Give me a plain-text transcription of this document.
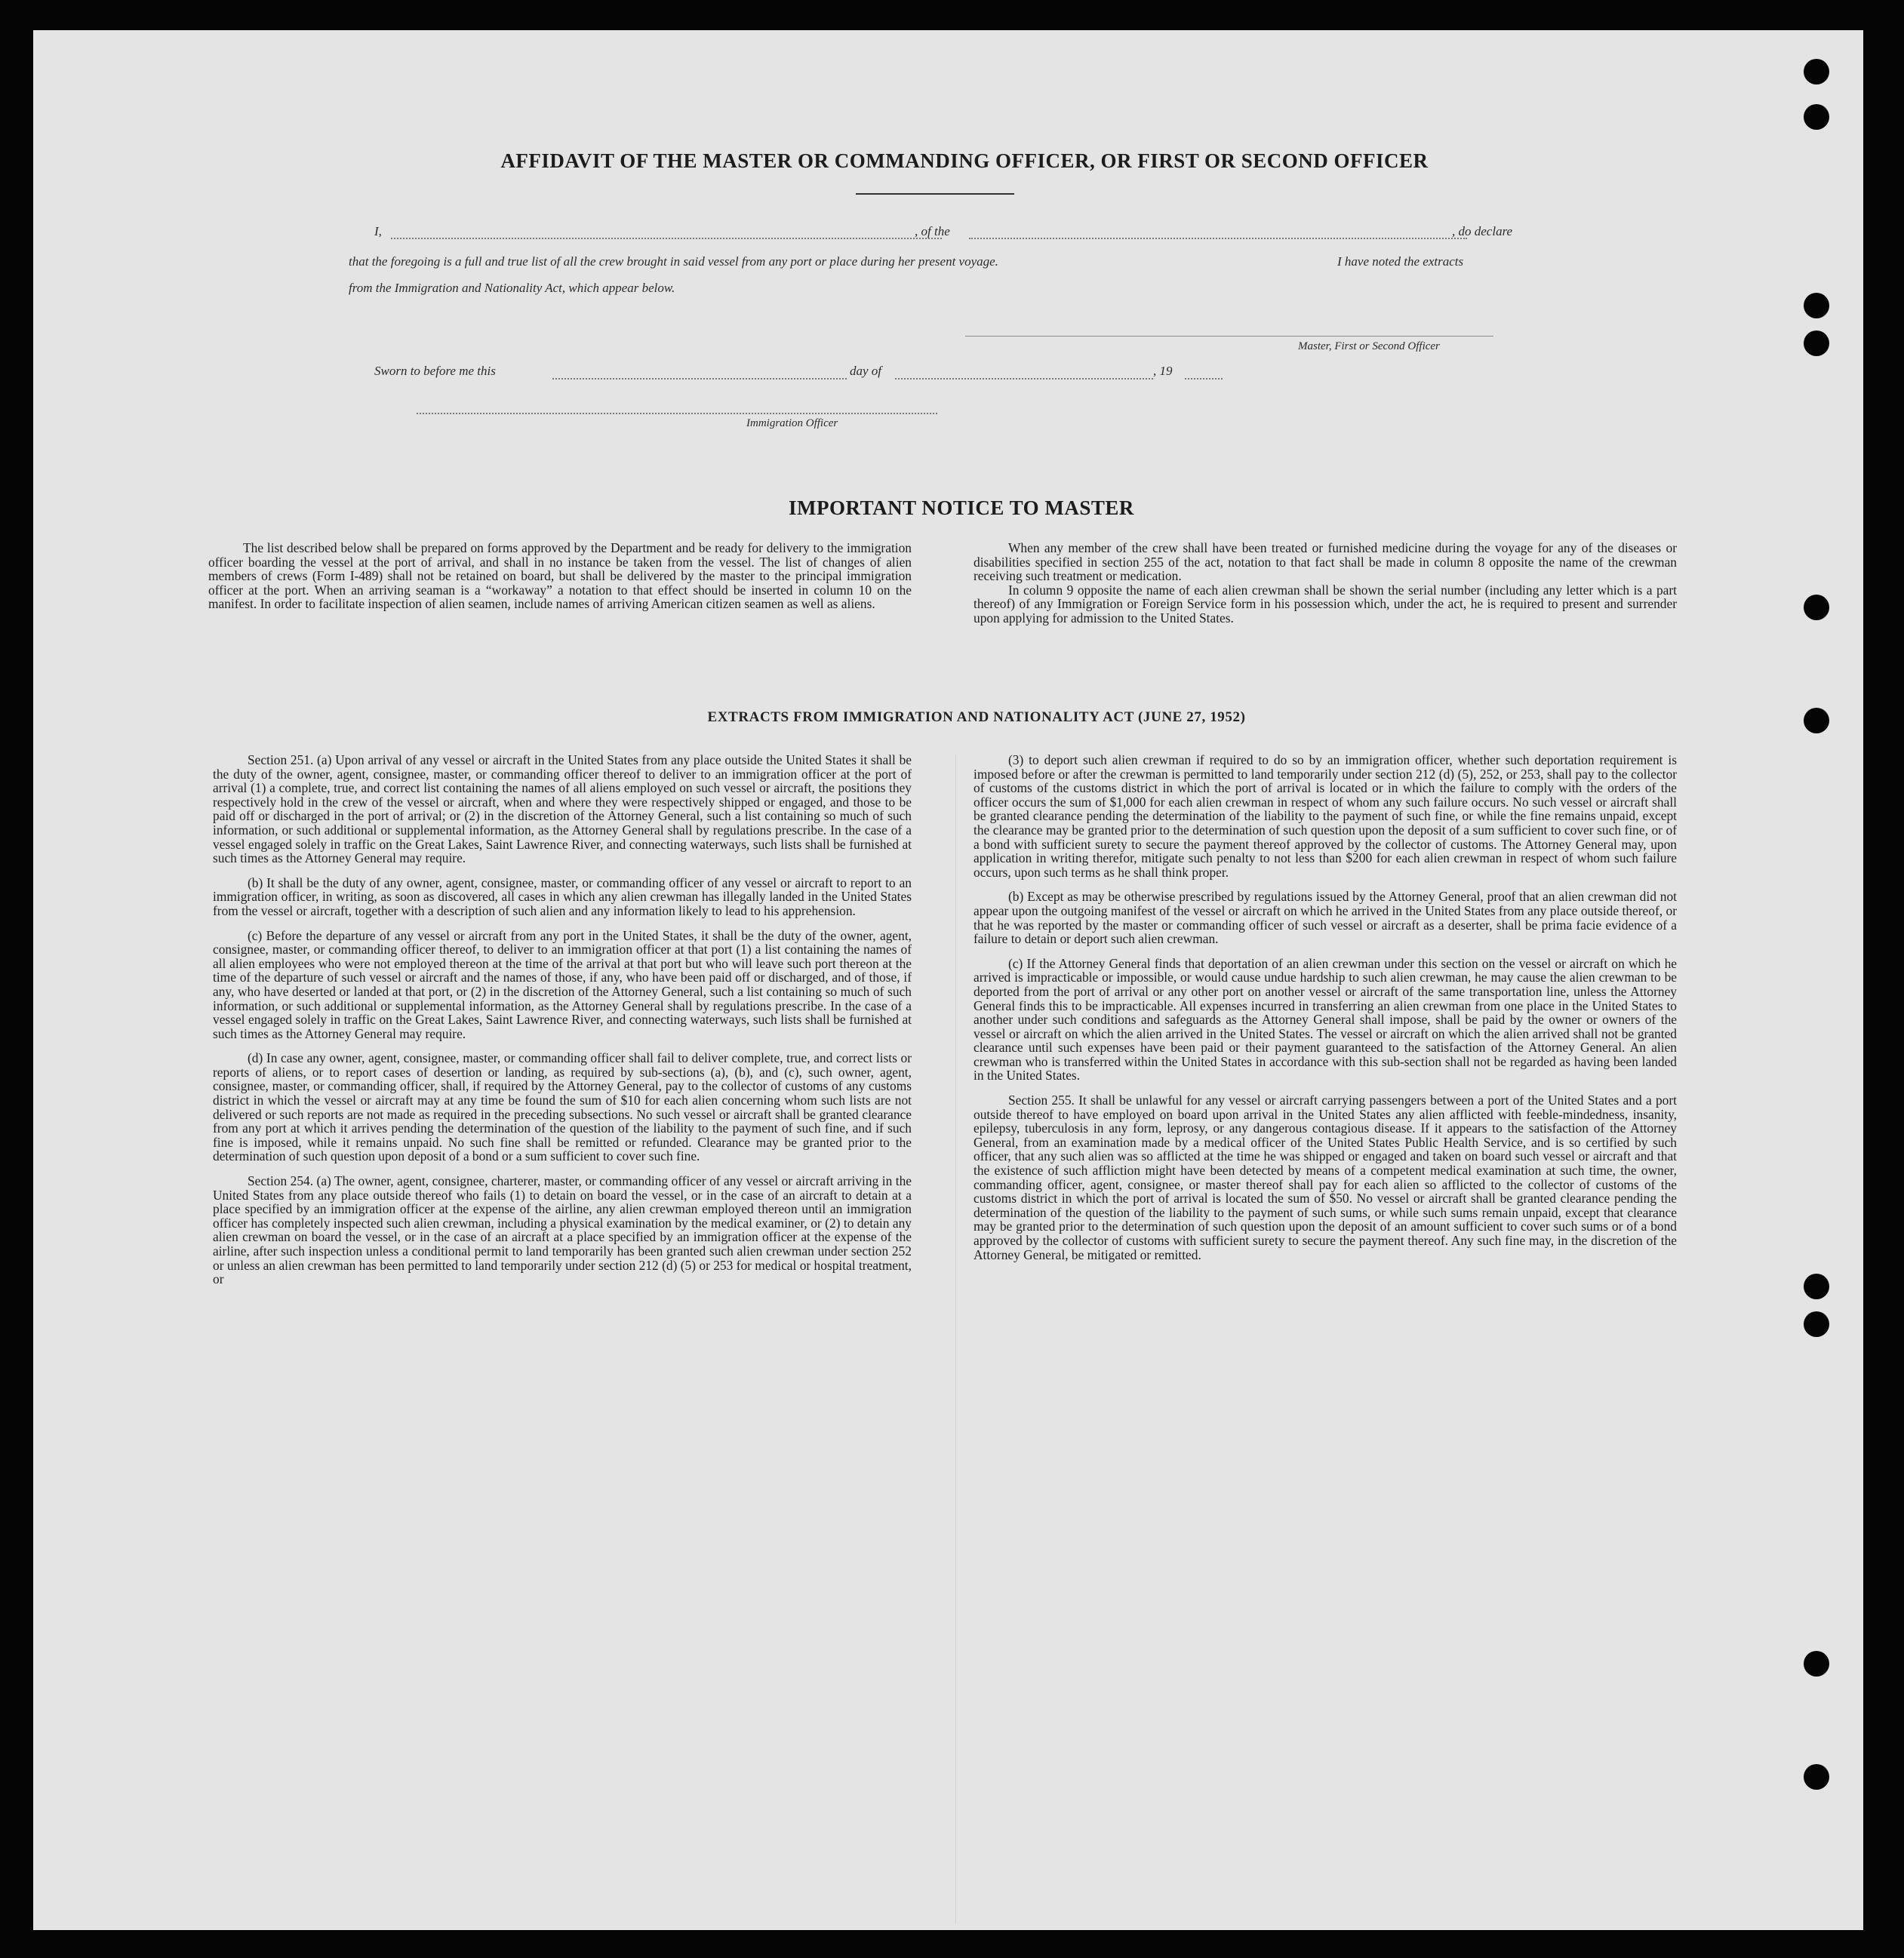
AFFIDAVIT OF THE MASTER OR COMMANDING OFFICER, OR FIRST OR SECOND OFFICER
I,	, of the	, do declare
that the foregoing is a full and true list of all the crew brought in said vessel from any port or place during her present voyage.	I have noted the extracts
from the Immigration and Nationality Act, which appear below.
Master, First or Second Officer
Sworn to before me this	day of	, 19
Immigration Officer
IMPORTANT NOTICE TO MASTER

The list described below shall be prepared on forms approved by the Department and be ready for delivery to the immigration officer boarding the vessel at the port of arrival, and shall in no instance be taken from the vessel. The list of changes of alien members of crews (Form I-489) shall not be retained on board, but shall be delivered by the master to the principal immigration officer at the port. When an arriving seaman is a “workaway” a notation to that effect should be inserted in column 10 on the manifest. In order to facilitate inspection of alien seamen, include names of arriving American citizen seamen as well as aliens.

When any member of the crew shall have been treated or furnished medicine during the voyage for any of the diseases or disabilities specified in section 255 of the act, notation to that fact shall be made in column 8 opposite the name of the crewman receiving such treatment or medication.

In column 9 opposite the name of each alien crewman shall be shown the serial number (including any letter which is a part thereof) of any Immigration or Foreign Service form in his possession which, under the act, he is required to present and surrender upon applying for admission to the United States.

EXTRACTS FROM IMMIGRATION AND NATIONALITY ACT (JUNE 27, 1952)

Section 251. (a) Upon arrival of any vessel or aircraft in the United States from any place outside the United States it shall be the duty of the owner, agent, consignee, master, or commanding officer thereof to deliver to an immigration officer at the port of arrival (1) a complete, true, and correct list containing the names of all aliens employed on such vessel or aircraft, the positions they respectively hold in the crew of the vessel or aircraft, when and where they were respectively shipped or engaged, and those to be paid off or discharged in the port of arrival; or (2) in the discretion of the Attorney General, such a list containing so much of such information, or such additional or supplemental information, as the Attorney General shall by regulations prescribe. In the case of a vessel engaged solely in traffic on the Great Lakes, Saint Lawrence River, and connecting waterways, such lists shall be furnished at such times as the Attorney General may require.

(b) It shall be the duty of any owner, agent, consignee, master, or commanding officer of any vessel or aircraft to report to an immigration officer, in writing, as soon as discovered, all cases in which any alien crewman has illegally landed in the United States from the vessel or aircraft, together with a description of such alien and any information likely to lead to his apprehension.

(c) Before the departure of any vessel or aircraft from any port in the United States, it shall be the duty of the owner, agent, consignee, master, or commanding officer thereof, to deliver to an immigration officer at that port (1) a list containing the names of all alien employees who were not employed thereon at the time of the arrival at that port but who will leave such port thereon at the time of the departure of such vessel or aircraft and the names of those, if any, who have been paid off or discharged, and of those, if any, who have deserted or landed at that port, or (2) in the discretion of the Attorney General, such a list containing so much of such information, or such additional or supplemental information, as the Attorney General shall by regulations prescribe. In the case of a vessel engaged solely in traffic on the Great Lakes, Saint Lawrence River, and connecting waterways, such lists shall be furnished at such times as the Attorney General may require.

(d) In case any owner, agent, consignee, master, or commanding officer shall fail to deliver complete, true, and correct lists or reports of aliens, or to report cases of desertion or landing, as required by sub-sections (a), (b), and (c), such owner, agent, consignee, master, or commanding officer, shall, if required by the Attorney General, pay to the collector of customs of any customs district in which the vessel or aircraft may at any time be found the sum of $10 for each alien concerning whom such lists are not delivered or such reports are not made as required in the preceding subsections. No such vessel or aircraft shall be granted clearance from any port at which it arrives pending the determination of the question of the liability to the payment of such fine, and if such fine is imposed, while it remains unpaid. No such fine shall be remitted or refunded. Clearance may be granted prior to the determination of such question upon deposit of a bond or a sum sufficient to cover such fine.

Section 254. (a) The owner, agent, consignee, charterer, master, or commanding officer of any vessel or aircraft arriving in the United States from any place outside thereof who fails (1) to detain on board the vessel, or in the case of an aircraft to detain at a place specified by an immigration officer at the expense of the airline, any alien crewman employed thereon until an immigration officer has completely inspected such alien crewman, including a physical examination by the medical examiner, or (2) to detain any alien crewman on board the vessel, or in the case of an aircraft at a place specified by an immigration officer at the expense of the airline, after such inspection unless a conditional permit to land temporarily has been granted such alien crewman under section 252 or unless an alien crewman has been permitted to land temporarily under section 212 (d) (5) or 253 for medical or hospital treatment, or

(3) to deport such alien crewman if required to do so by an immigration officer, whether such deportation requirement is imposed before or after the crewman is permitted to land temporarily under section 212 (d) (5), 252, or 253, shall pay to the collector of customs of the customs district in which the port of arrival is located or in which the failure to comply with the orders of the officer occurs the sum of $1,000 for each alien crewman in respect of whom any such failure occurs. No such vessel or aircraft shall be granted clearance pending the determination of the liability to the payment of such fine, or while the fine remains unpaid, except the clearance may be granted prior to the determination of such question upon the deposit of a sum sufficient to cover such fine, or of a bond with sufficient surety to secure the payment thereof approved by the collector of customs. The Attorney General may, upon application in writing therefor, mitigate such penalty to not less than $200 for each alien crewman in respect of whom such failure occurs, upon such terms as he shall think proper.

(b) Except as may be otherwise prescribed by regulations issued by the Attorney General, proof that an alien crewman did not appear upon the outgoing manifest of the vessel or aircraft on which he arrived in the United States from any place outside thereof, or that he was reported by the master or commanding officer of such vessel or aircraft as a deserter, shall be prima facie evidence of a failure to detain or deport such alien crewman.

(c) If the Attorney General finds that deportation of an alien crewman under this section on the vessel or aircraft on which he arrived is impracticable or impossible, or would cause undue hardship to such alien crewman, he may cause the alien crewman to be deported from the port of arrival or any other port on another vessel or aircraft of the same transportation line, unless the Attorney General finds this to be impracticable. All expenses incurred in transferring an alien crewman from one place in the United States to another under such conditions and safeguards as the Attorney General shall impose, shall be paid by the owner or owners of the vessel or aircraft on which the alien arrived in the United States. The vessel or aircraft on which the alien arrived shall not be granted clearance until such expenses have been paid or their payment guaranteed to the satisfaction of the Attorney General. An alien crewman who is transferred within the United States in accordance with this sub-section shall not be regarded as having been landed in the United States.

Section 255. It shall be unlawful for any vessel or aircraft carrying passengers between a port of the United States and a port outside thereof to have employed on board upon arrival in the United States any alien afflicted with feeble-mindedness, insanity, epilepsy, tuberculosis in any form, leprosy, or any dangerous contagious disease. If it appears to the satisfaction of the Attorney General, from an examination made by a medical officer of the United States Public Health Service, and is so certified by such officer, that any such alien was so afflicted at the time he was shipped or engaged and taken on board such vessel or aircraft and that the existence of such affliction might have been detected by means of a competent medical examination at such time, the owner, commanding officer, agent, consignee, or master thereof shall pay for each alien so afflicted to the collector of customs of the customs district in which the port of arrival is located the sum of $50. No vessel or aircraft shall be granted clearance pending the determination of the question of the liability to the payment of such sums, or while such sums remain unpaid, except that clearance may be granted prior to the determination of such question upon the deposit of an amount sufficient to cover such sums or of a bond approved by the collector of customs with sufficient surety to secure the payment thereof. Any such fine may, in the discretion of the Attorney General, be mitigated or remitted.
